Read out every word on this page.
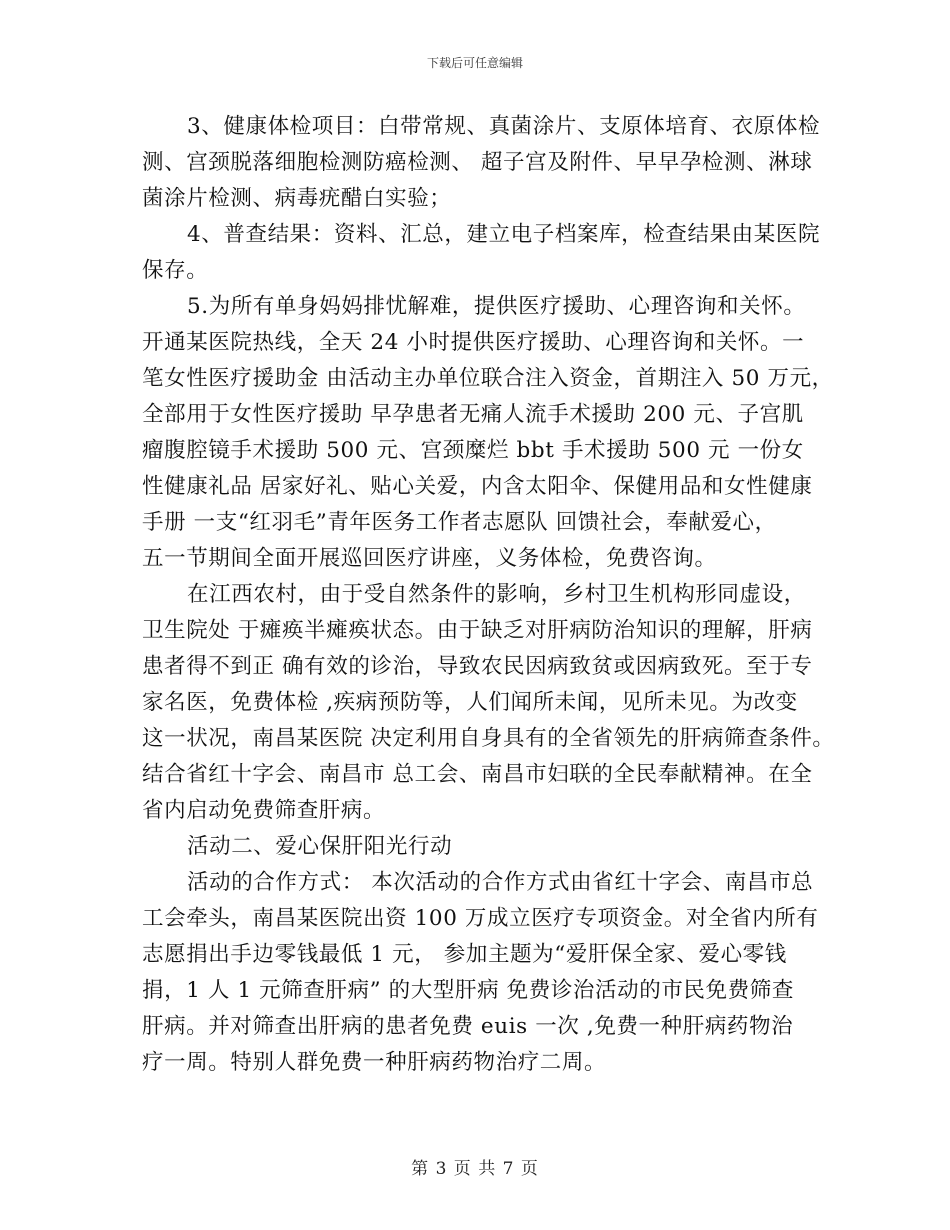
下载后可任意编辑
3、健康体检项目：白带常规、真菌涂片、支原体培育、衣原体检
测、宫颈脱落细胞检测防癌检测、 超子宫及附件、早早孕检测、淋球
菌涂片检测、病毒疣醋白实验；
4、普查结果：资料、汇总，建立电子档案库，检查结果由某医院
保存。
5.为所有单身妈妈排忧解难，提供医疗援助、心理咨询和关怀。
开通某医院热线，全天 24 小时提供医疗援助、心理咨询和关怀。一
笔女性医疗援助金 由活动主办单位联合注入资金，首期注入 50 万元，
全部用于女性医疗援助 早孕患者无痛人流手术援助 200 元、子宫肌
瘤腹腔镜手术援助 500 元、宫颈糜烂 bbt 手术援助 500 元 一份女
性健康礼品 居家好礼、贴心关爱，内含太阳伞、保健用品和女性健康
手册 一支“红羽毛”青年医务工作者志愿队 回馈社会，奉献爱心，
五一节期间全面开展巡回医疗讲座，义务体检，免费咨询。
在江西农村，由于受自然条件的影响，乡村卫生机构形同虚设，
卫生院处 于瘫痪半瘫痪状态。由于缺乏对肝病防治知识的理解，肝病
患者得不到正 确有效的诊治，导致农民因病致贫或因病致死。至于专
家名医，免费体检 ,疾病预防等，人们闻所未闻，见所未见。为改变
这一状况，南昌某医院 决定利用自身具有的全省领先的肝病筛查条件。
结合省红十字会、南昌市 总工会、南昌市妇联的全民奉献精神。在全
省内启动免费筛查肝病。
活动二、爱心保肝阳光行动
活动的合作方式： 本次活动的合作方式由省红十字会、南昌市总
工会牵头，南昌某医院出资 100 万成立医疗专项资金。对全省内所有
志愿捐出手边零钱最低 1 元， 参加主题为“爱肝保全家、爱心零钱
捐，1 人 1 元筛查肝病” 的大型肝病 免费诊治活动的市民免费筛查
肝病。并对筛查出肝病的患者免费 euis 一次 ,免费一种肝病药物治
疗一周。特别人群免费一种肝病药物治疗二周。
第 3 页 共 7 页
